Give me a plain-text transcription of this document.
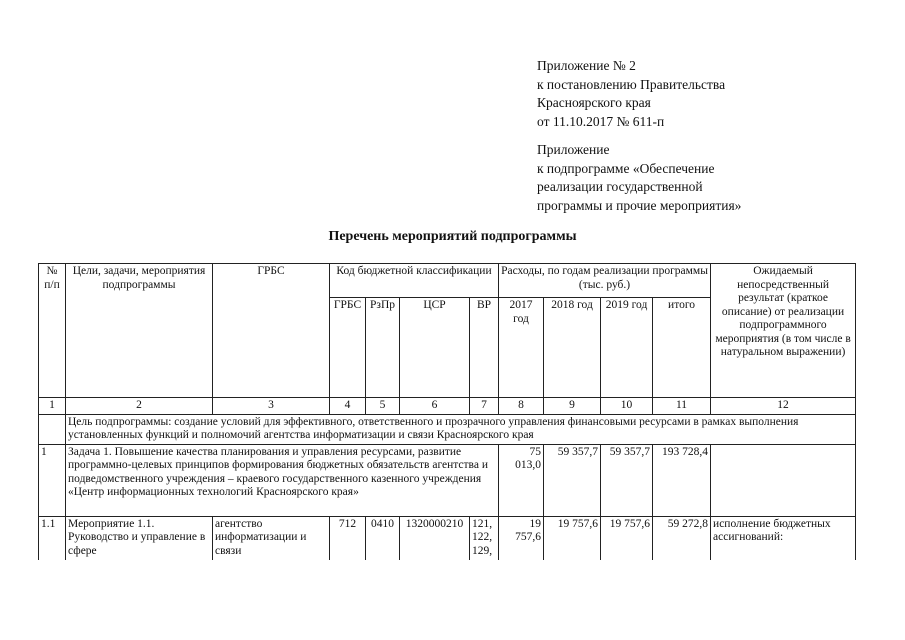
Приложение № 2
к постановлению Правительства
Красноярского края
от 11.10.2017 № 611-п
Приложение
к подпрограмме «Обеспечение
реализации государственной
программы и прочие мероприятия»
Перечень мероприятий подпрограммы
№ п/п	Цели, задачи, мероприятия подпрограммы	ГРБС	Код бюджетной классификации				Расходы, по годам реализации программы (тыс. руб.)				Ожидаемый непосредственный результат (краткое описание) от реализации подпрограммного мероприятия (в том числе в натуральном выражении)
			ГРБС	РзПр	ЦСР	ВР	2017 год	2018 год	2019 год	итого	
1	2	3	4	5	6	7	8	9	10	11	12
	Цель подпрограммы: создание условий для эффективного, ответственного и прозрачного управления финансовыми ресурсами в рамках выполнения установленных функций и полномочий агентства информатизации и связи Красноярского края										
1	Задача 1. Повышение качества планирования и управления ресурсами, развитие программно-целевых принципов формирования бюджетных обязательств агентства и подведомственного учреждения – краевого государственного казенного учреждения «Центр информационных технологий Красноярского края»						75 013,0	59 357,7	59 357,7	193 728,4	
1.1	Мероприятие 1.1. Руководство и управление в сфере	агентство информатизации и связи	712	0410	1320000210	121, 122, 129,	19 757,6	19 757,6	19 757,6	59 272,8	исполнение бюджетных ассигнований:
